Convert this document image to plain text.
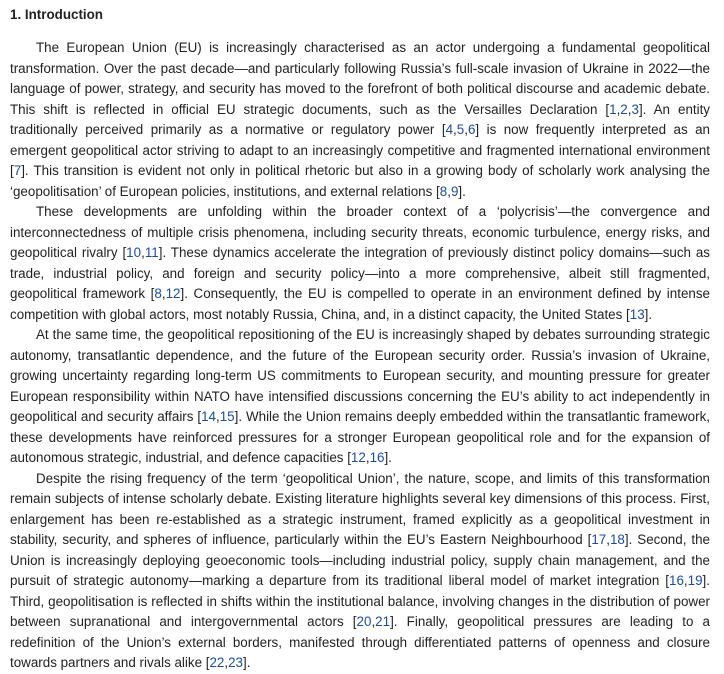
1. Introduction

The European Union (EU) is increasingly characterised as an actor undergoing a fundamental geopolitical transformation. Over the past decade—and particularly following Russia’s full-scale invasion of Ukraine in 2022—the language of power, strategy, and security has moved to the forefront of both political discourse and academic debate. This shift is reflected in official EU strategic documents, such as the Versailles Declaration [1,2,3]. An entity traditionally perceived primarily as a normative or regulatory power [4,5,6] is now frequently interpreted as an emergent geopolitical actor striving to adapt to an increasingly competitive and fragmented international environment [7]. This transition is evident not only in political rhetoric but also in a growing body of scholarly work analysing the ‘geopolitisation’ of European policies, institutions, and external relations [8,9].

These developments are unfolding within the broader context of a ‘polycrisis’—the convergence and interconnectedness of multiple crisis phenomena, including security threats, economic turbulence, energy risks, and geopolitical rivalry [10,11]. These dynamics accelerate the integration of previously distinct policy domains—such as trade, industrial policy, and foreign and security policy—into a more comprehensive, albeit still fragmented, geopolitical framework [8,12]. Consequently, the EU is compelled to operate in an environment defined by intense competition with global actors, most notably Russia, China, and, in a distinct capacity, the United States [13].

At the same time, the geopolitical repositioning of the EU is increasingly shaped by debates surrounding strategic autonomy, transatlantic dependence, and the future of the European security order. Russia’s invasion of Ukraine, growing uncertainty regarding long-term US commitments to European security, and mounting pressure for greater European responsibility within NATO have intensified discussions concerning the EU’s ability to act independently in geopolitical and security affairs [14,15]. While the Union remains deeply embedded within the transatlantic framework, these developments have reinforced pressures for a stronger European geopolitical role and for the expansion of autonomous strategic, industrial, and defence capacities [12,16].

Despite the rising frequency of the term ‘geopolitical Union’, the nature, scope, and limits of this transformation remain subjects of intense scholarly debate. Existing literature highlights several key dimensions of this process. First, enlargement has been re-established as a strategic instrument, framed explicitly as a geopolitical investment in stability, security, and spheres of influence, particularly within the EU’s Eastern Neighbourhood [17,18]. Second, the Union is increasingly deploying geoeconomic tools—including industrial policy, supply chain management, and the pursuit of strategic autonomy—marking a departure from its traditional liberal model of market integration [16,19]. Third, geopolitisation is reflected in shifts within the institutional balance, involving changes in the distribution of power between supranational and intergovernmental actors [20,21]. Finally, geopolitical pressures are leading to a redefinition of the Union’s external borders, manifested through differentiated patterns of openness and closure towards partners and rivals alike [22,23].
